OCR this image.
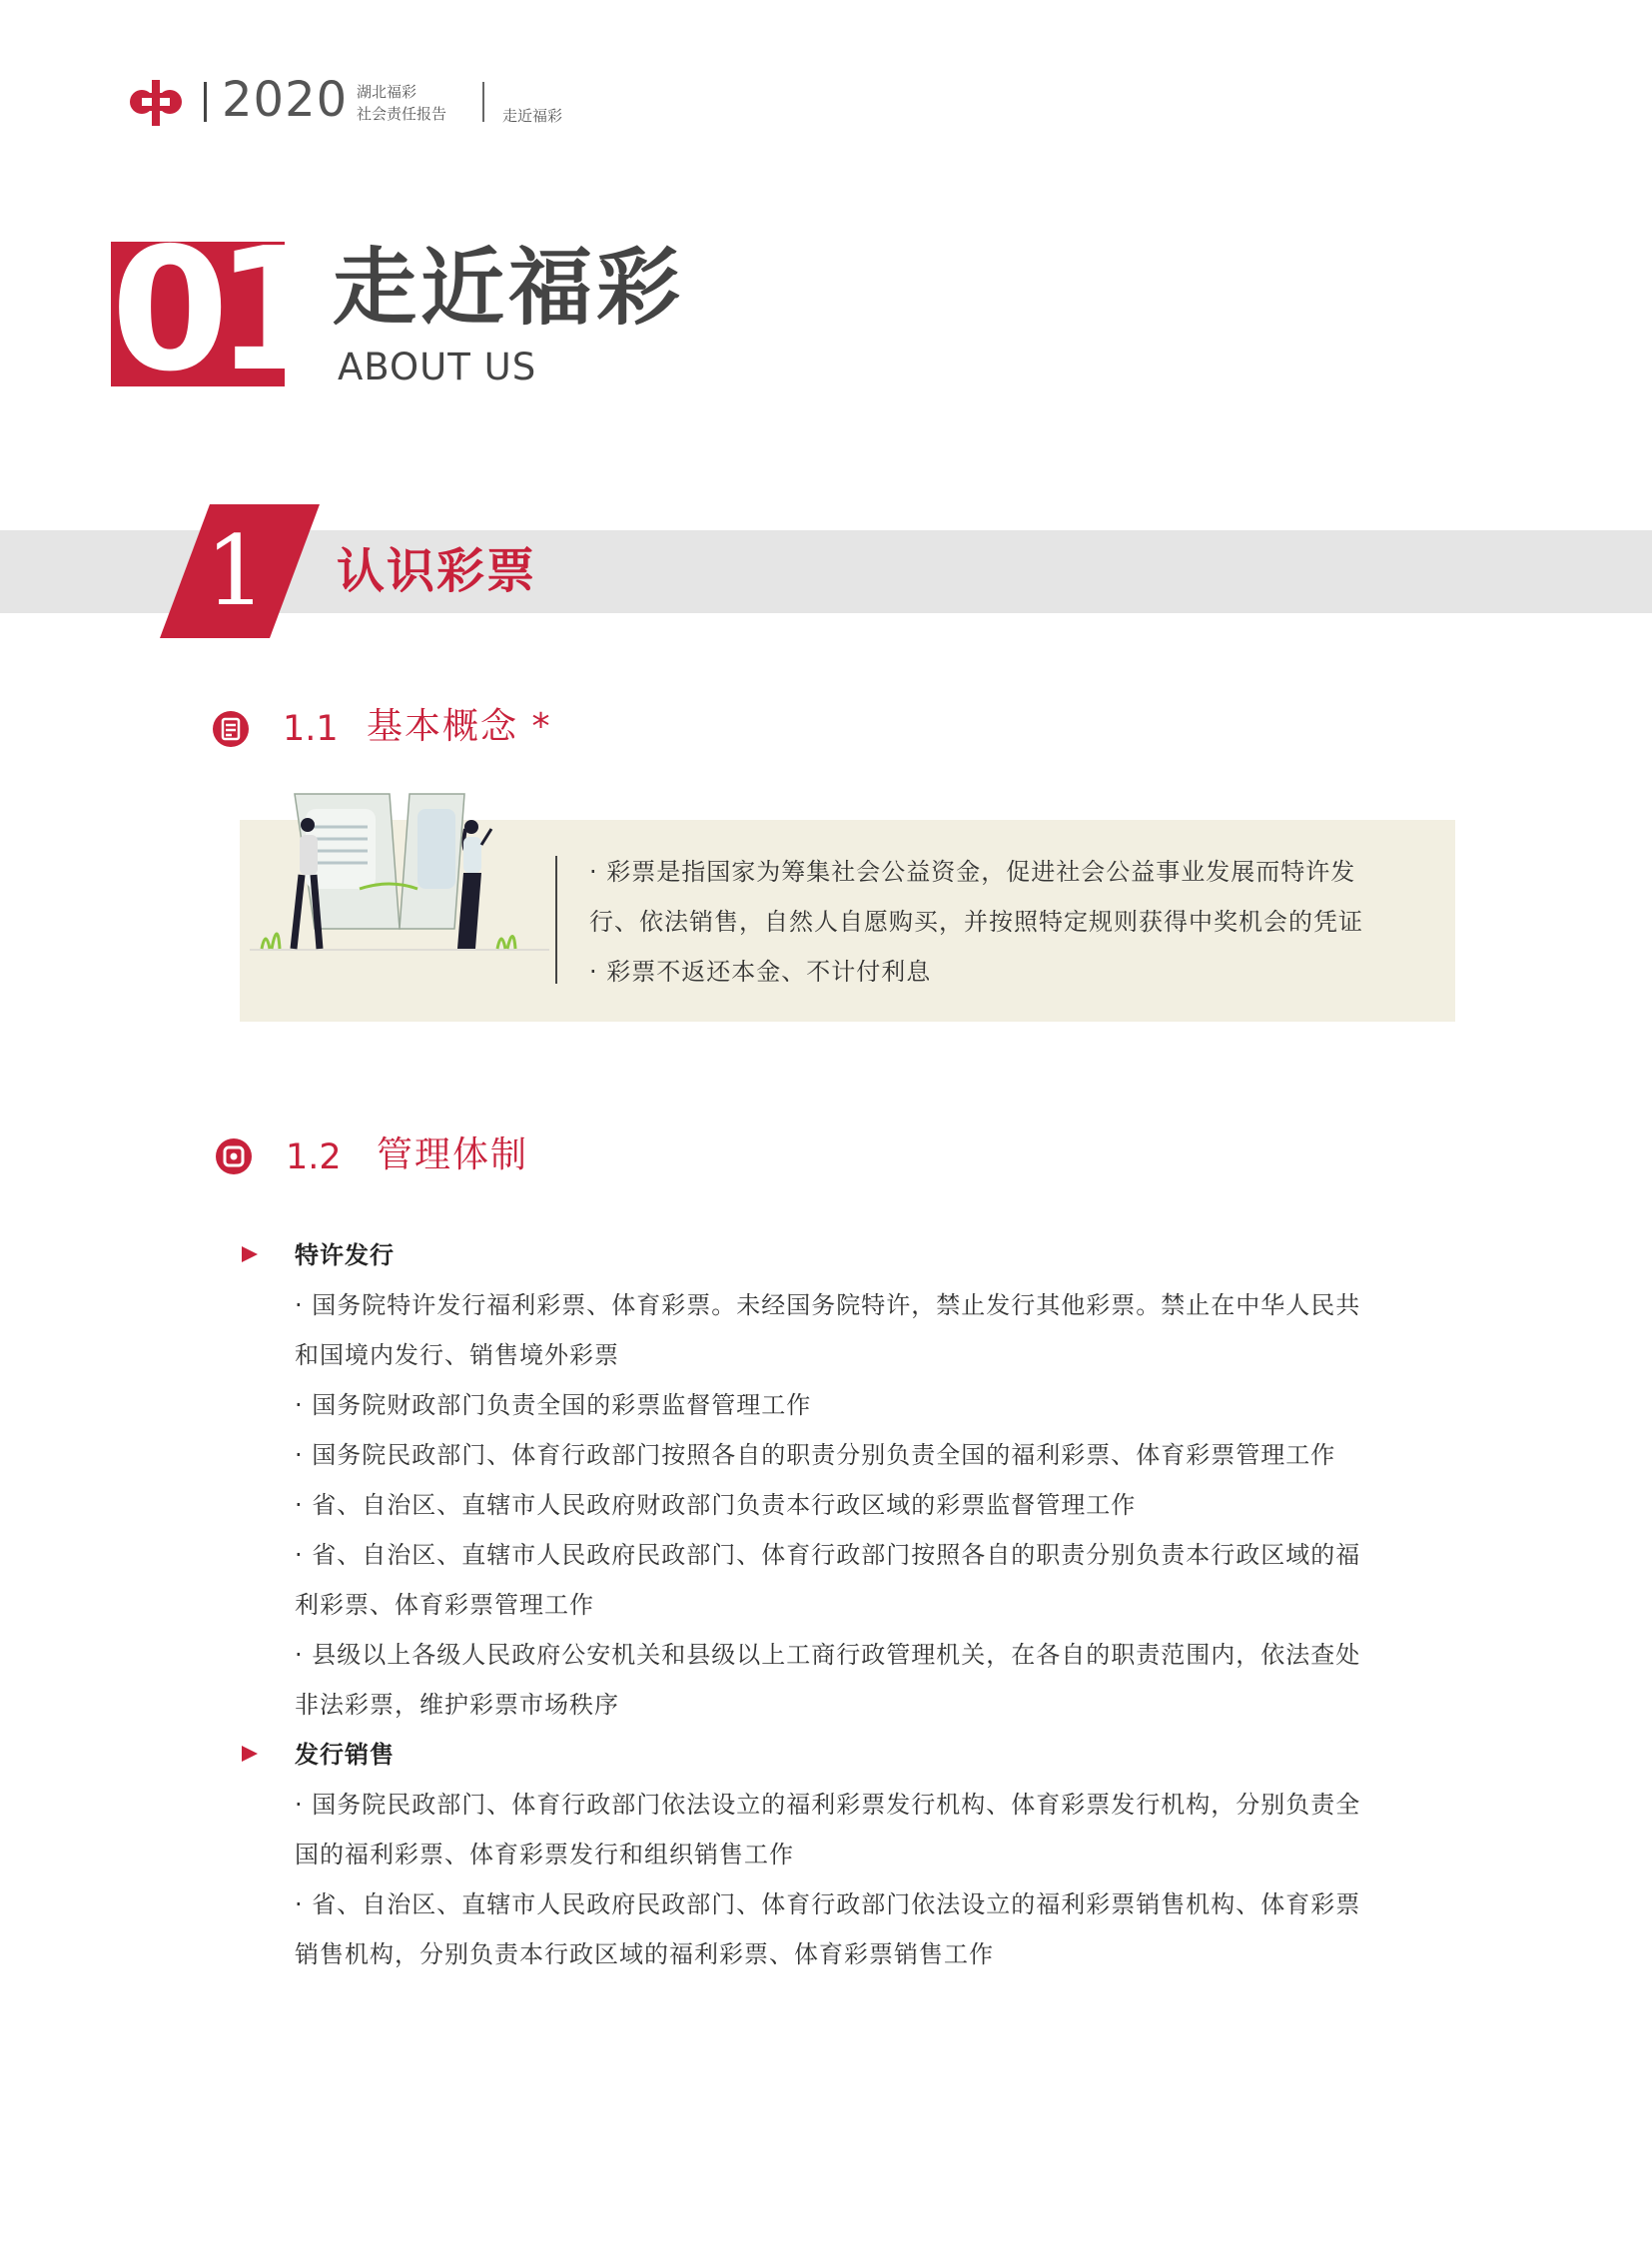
2020 湖北福彩
社会责任报告	走近福彩
01 走近福彩
ABOUT US
1 认识彩票
1.1 基本概念 *
· 彩票是指国家为筹集社会公益资金，促进社会公益事业发展而特许发
行、依法销售，自然人自愿购买，并按照特定规则获得中奖机会的凭证
· 彩票不返还本金、不计付利息
1.2 管理体制
特许发行
· 国务院特许发行福利彩票、体育彩票。未经国务院特许，禁止发行其他彩票。禁止在中华人民共
和国境内发行、销售境外彩票
· 国务院财政部门负责全国的彩票监督管理工作
· 国务院民政部门、体育行政部门按照各自的职责分别负责全国的福利彩票、体育彩票管理工作
· 省、自治区、直辖市人民政府财政部门负责本行政区域的彩票监督管理工作
· 省、自治区、直辖市人民政府民政部门、体育行政部门按照各自的职责分别负责本行政区域的福
利彩票、体育彩票管理工作
· 县级以上各级人民政府公安机关和县级以上工商行政管理机关，在各自的职责范围内，依法查处
非法彩票，维护彩票市场秩序
发行销售
· 国务院民政部门、体育行政部门依法设立的福利彩票发行机构、体育彩票发行机构，分别负责全
国的福利彩票、体育彩票发行和组织销售工作
· 省、自治区、直辖市人民政府民政部门、体育行政部门依法设立的福利彩票销售机构、体育彩票
销售机构，分别负责本行政区域的福利彩票、体育彩票销售工作
